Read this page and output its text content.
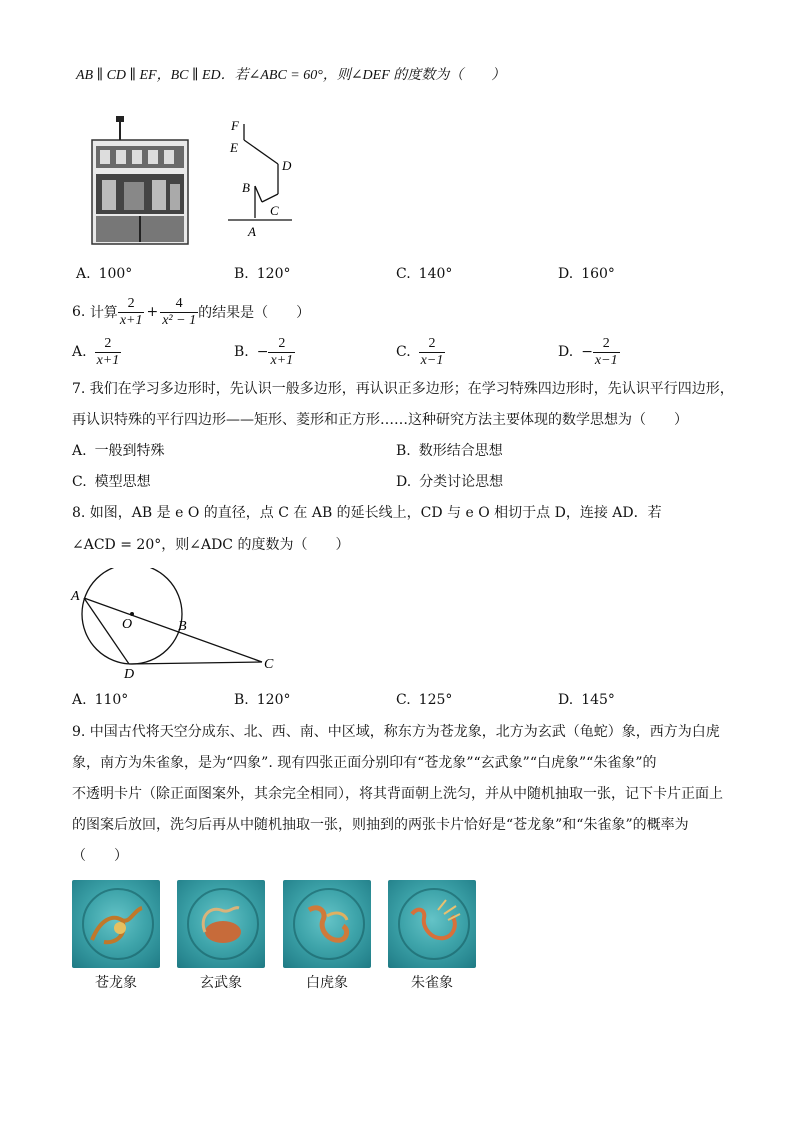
AB ∥ CD ∥ EF，BC ∥ ED．若∠ABC = 60°，则∠DEF 的度数为（　　）
F
E
D
B
C
A
A. 100°	B. 120°	C. 140°	D. 160°
6.
计算 $\frac{2}{x+1} + \frac{4}{\text{x² − 1}}$ 的结果是（　　）
A. $\frac{2}{x+1}$	B. − $\frac{2}{x+1}$	C. $\frac{2}{x-1}$	D. − $\frac{2}{x-1}$
7. 我们在学习多边形时，先认识一般多边形，再认识正多边形；在学习特殊四边形时，先认识平行四边形，
再认识特殊的平行四边形——矩形、菱形和正方形……这种研究方法主要体现的数学思想为（　　）
A. 一般到特殊	B. 数形结合思想
C. 模型思想	D. 分类讨论思想
8. 如图，AB 是 e O 的直径，点 C 在 AB 的延长线上，CD 与 e O 相切于点 D，连接 AD．若
∠ACD = 20°，则∠ADC 的度数为（　　）
A
O	B
C
D
A. 110°	B. 120°	C. 125°	D. 145°
9. 中国古代将天空分成东、北、西、南、中区域，称东方为苍龙象，北方为玄武（龟蛇）象，西方为白虎
象，南方为朱雀象，是为“四象”. 现有四张正面分别印有“苍龙象”“玄武象”“白虎象”“朱雀象”的
不透明卡片（除正面图案外，其余完全相同），将其背面朝上洗匀，并从中随机抽取一张，记下卡片正面上
的图案后放回，洗匀后再从中随机抽取一张，则抽到的两张卡片恰好是“苍龙象”和“朱雀象”的概率为
（　　）
苍龙象	玄武象	白虎象	朱雀象
